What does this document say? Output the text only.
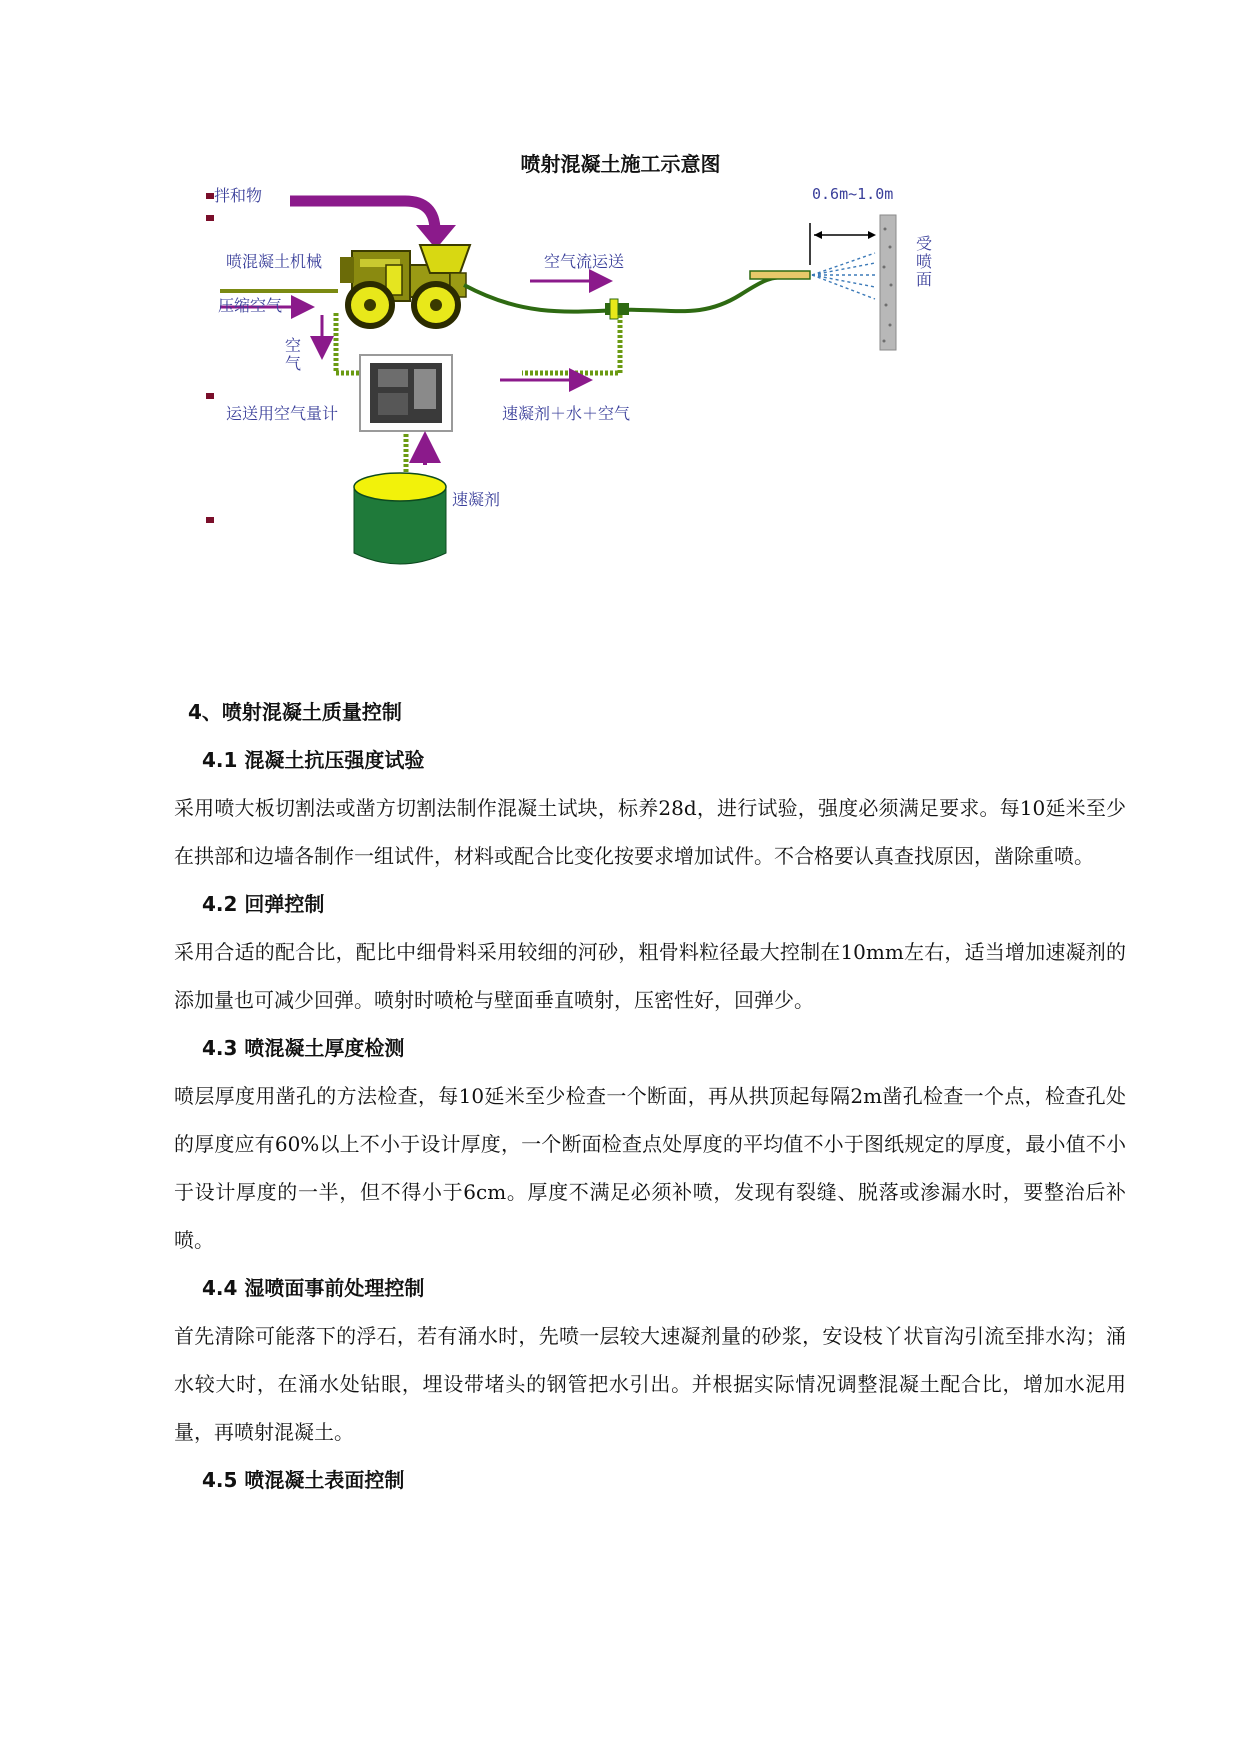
喷射混凝土施工示意图
拌和物
喷混凝土机械
压缩空气
空气
运送用空气量计
空气流运送
速凝剂＋水＋空气
速凝剂
0.6m~1.0m
受喷面
4、喷射混凝土质量控制
4.1 混凝土抗压强度试验
采用喷大板切割法或凿方切割法制作混凝土试块，标养28d，进行试验，强度必须满足要求。每10延米至少在拱部和边墙各制作一组试件，材料或配合比变化按要求增加试件。不合格要认真查找原因，凿除重喷。
4.2 回弹控制
采用合适的配合比，配比中细骨料采用较细的河砂，粗骨料粒径最大控制在10mm左右，适当增加速凝剂的添加量也可减少回弹。喷射时喷枪与壁面垂直喷射，压密性好，回弹少。
4.3 喷混凝土厚度检测
喷层厚度用凿孔的方法检查，每10延米至少检查一个断面，再从拱顶起每隔2m凿孔检查一个点，检查孔处的厚度应有60%以上不小于设计厚度，一个断面检查点处厚度的平均值不小于图纸规定的厚度，最小值不小于设计厚度的一半，但不得小于6cm。厚度不满足必须补喷，发现有裂缝、脱落或渗漏水时，要整治后补喷。
4.4 湿喷面事前处理控制
首先清除可能落下的浮石，若有涌水时，先喷一层较大速凝剂量的砂浆，安设枝丫状盲沟引流至排水沟；涌水较大时，在涌水处钻眼，埋设带堵头的钢管把水引出。并根据实际情况调整混凝土配合比，增加水泥用量，再喷射混凝土。
4.5 喷混凝土表面控制
